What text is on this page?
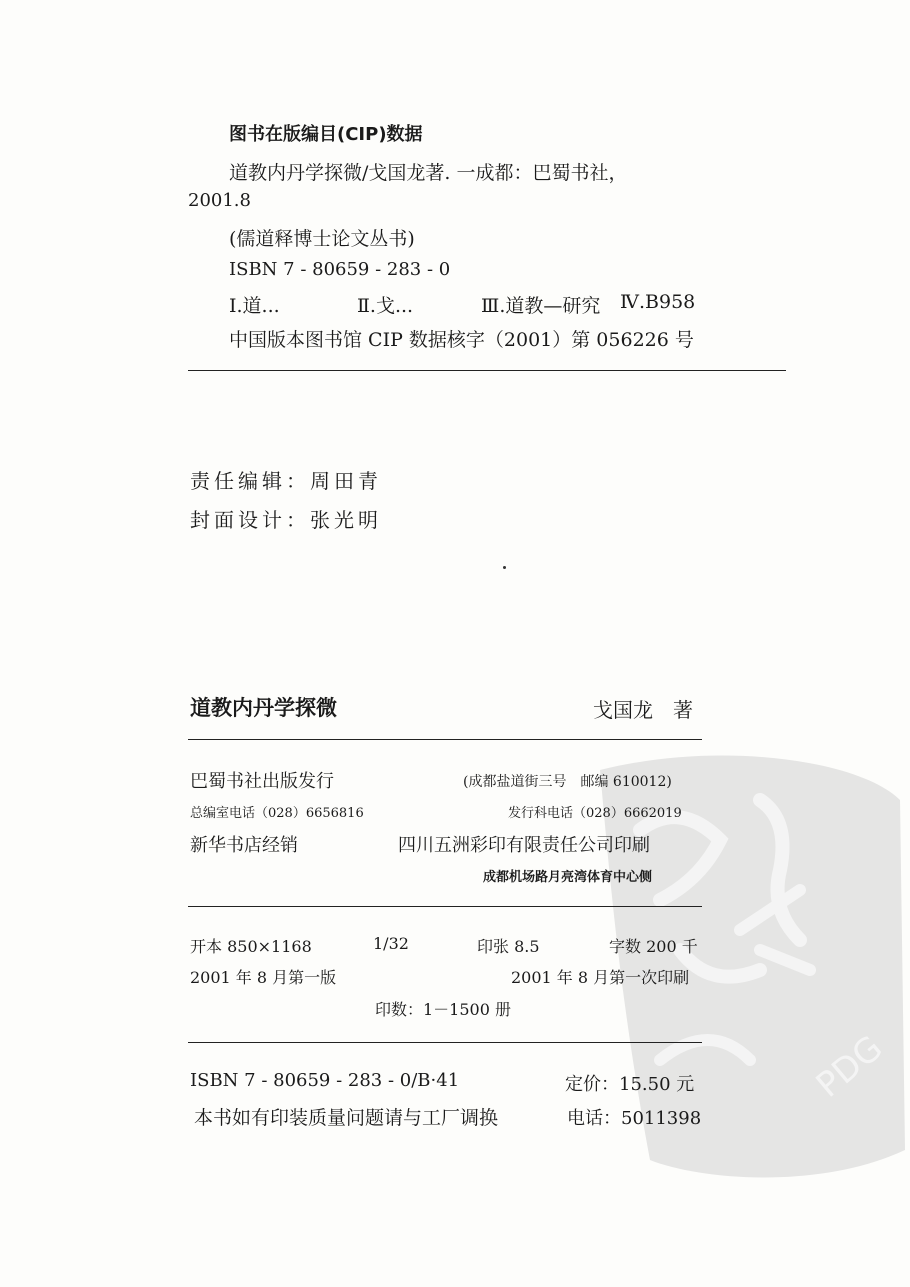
PDG
图书在版编目(CIP)数据
道教内丹学探微/戈国龙著. 一成都：巴蜀书社，
2001.8
(儒道释博士论文丛书)
ISBN 7 - 80659 - 283 - 0
Ⅰ.道...	Ⅱ.戈...	Ⅲ.道教—研究 Ⅳ.B958
中国版本图书馆 CIP 数据核字（2001）第 056226 号
责任编辑：周田青
封面设计：张光明
道教内丹学探微	戈国龙　著
巴蜀书社出版发行	(成都盐道街三号　邮编 610012)
总编室电话（028）6656816	发行科电话（028）6662019
新华书店经销	四川五洲彩印有限责任公司印刷
成都机场路月亮湾体育中心侧
开本 850×1168	1/32	印张 8.5	字数 200 千
2001 年 8 月第一版	2001 年 8 月第一次印刷
印数：1－1500 册
ISBN 7 - 80659 - 283 - 0/B·41	定价：15.50 元
本书如有印装质量问题请与工厂调换	电话：5011398
